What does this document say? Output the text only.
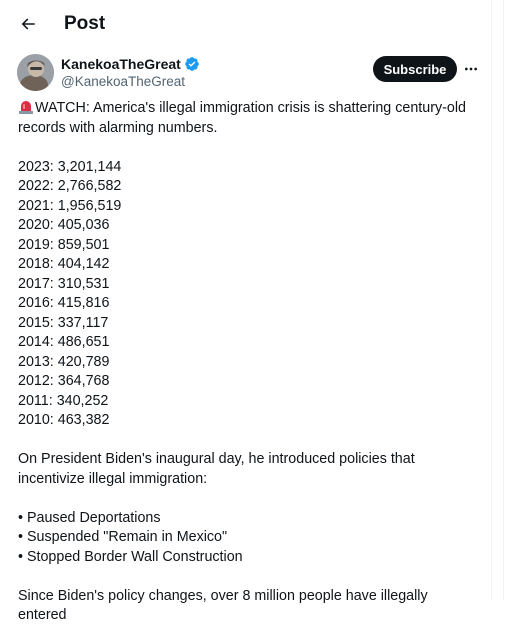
Post
KanekoaTheGreat
@KanekoaTheGreat
Subscribe

WATCH: America's illegal immigration crisis is shattering century-old records with alarming numbers.

2023: 3,201,144

2022: 2,766,582

2021: 1,956,519

2020: 405,036

2019: 859,501

2018: 404,142

2017: 310,531

2016: 415,816

2015: 337,117

2014: 486,651

2013: 420,789

2012: 364,768

2011: 340,252

2010: 463,382

On President Biden's inaugural day, he introduced policies that incentivize illegal immigration:

• Paused Deportations

• Suspended "Remain in Mexico"

• Stopped Border Wall Construction

Since Biden's policy changes, over 8 million people have illegally entered
